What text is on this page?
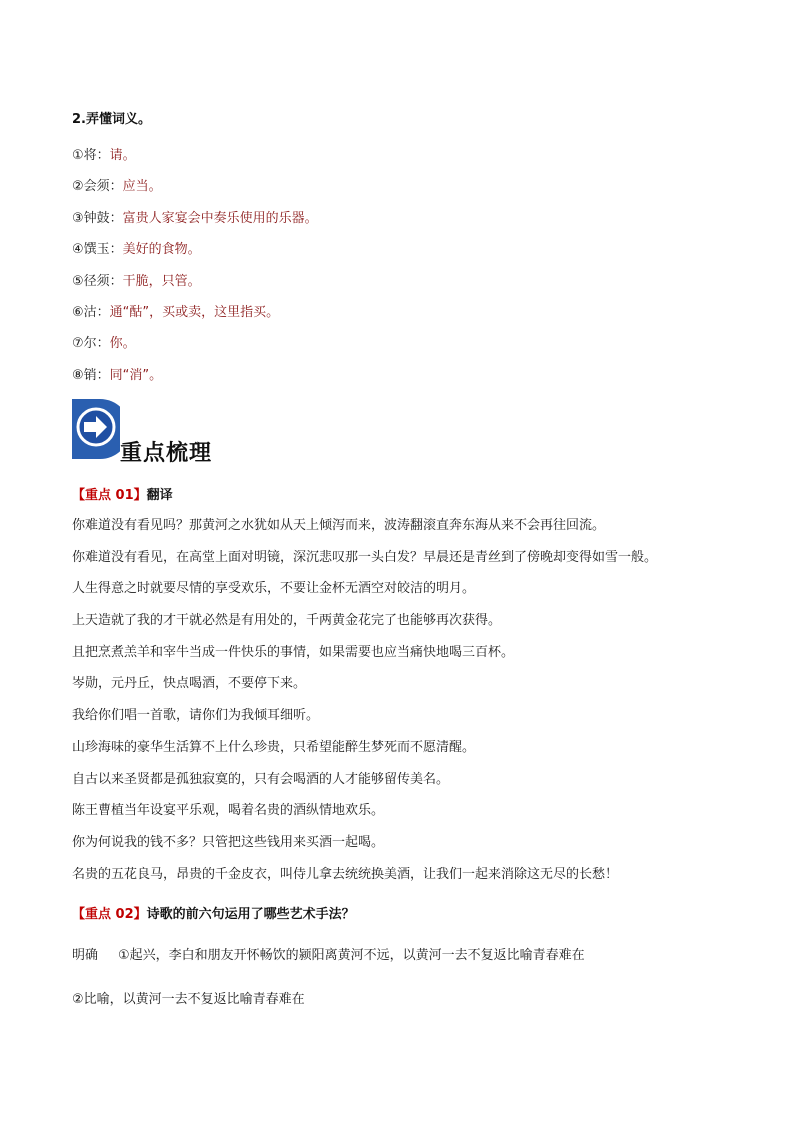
2.弄懂词义。
①将：请。
②会须：应当。
③钟鼓：富贵人家宴会中奏乐使用的乐器。
④馔玉：美好的食物。
⑤径须：干脆，只管。
⑥沽：通“酤”，买或卖，这里指买。
⑦尔：你。
⑧销：同“消”。
重点梳理
【重点 01】翻译
你难道没有看见吗？那黄河之水犹如从天上倾泻而来，波涛翻滚直奔东海从来不会再往回流。
你难道没有看见，在高堂上面对明镜，深沉悲叹那一头白发？早晨还是青丝到了傍晚却变得如雪一般。
人生得意之时就要尽情的享受欢乐，不要让金杯无酒空对皎洁的明月。
上天造就了我的才干就必然是有用处的，千两黄金花完了也能够再次获得。
且把烹煮羔羊和宰牛当成一件快乐的事情，如果需要也应当痛快地喝三百杯。
岑勋，元丹丘，快点喝酒，不要停下来。
我给你们唱一首歌，请你们为我倾耳细听。
山珍海味的豪华生活算不上什么珍贵，只希望能醉生梦死而不愿清醒。
自古以来圣贤都是孤独寂寞的，只有会喝酒的人才能够留传美名。
陈王曹植当年设宴平乐观，喝着名贵的酒纵情地欢乐。
你为何说我的钱不多？只管把这些钱用来买酒一起喝。
名贵的五花良马，昂贵的千金皮衣，叫侍儿拿去统统换美酒，让我们一起来消除这无尽的长愁！
【重点 02】诗歌的前六句运用了哪些艺术手法？
明确 ①起兴，李白和朋友开怀畅饮的颍阳离黄河不远，以黄河一去不复返比喻青春难在
②比喻，以黄河一去不复返比喻青春难在
